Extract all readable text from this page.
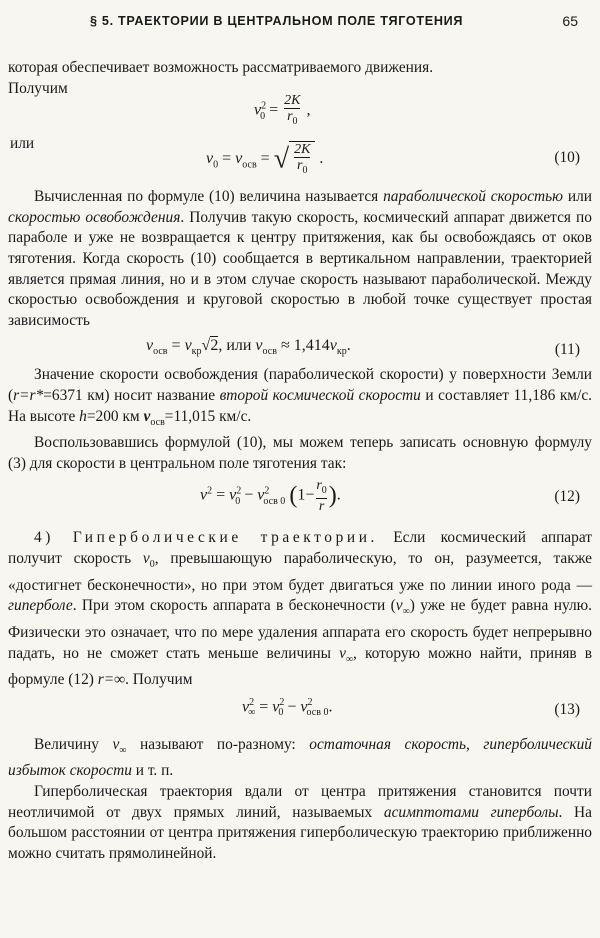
§ 5. ТРАЕКТОРИИ В ЦЕНТРАЛЬНОМ ПОЛЕ ТЯГОТЕНИЯ	65

которая обеспечивает возможность рассматриваемого движения.
Получим

$v^2_0 = \frac{2K}{r_0}$ ,
или
$v_0 = v_{осв}$ = √ $\frac{2K}{r_0}$ .	(10)

Вычисленная по формуле (10) величина называется параболической скоростью или скоростью освобождения. Получив такую скорость, космический аппарат движется по параболе и уже не возвращается к центру притяжения, как бы освобождаясь от оков тяготения. Когда скорость (10) сообщается в вертикальном направлении, траекторией является прямая линия, но и в этом случае скорость называют параболической. Между скоростью освобождения и круговой скоростью в любой точке существует простая зависимость

$v_{осв} = v_{кр}√2$, или $v_{осв} \approx 1,414v_{кр}$.	(11)

Значение скорости освобождения (параболической скорости) у поверхности Земли (r=r*=6371 км) носит название второй космической скорости и составляет 11,186 км/с. На высоте h=200 км $v_{осв}=11,015$ км/с.

Воспользовавшись формулой (10), мы можем теперь записать основную формулу (3) для скорости в центральном поле тяготения так:

$v^2 = v^2_0 - v^2_{осв 0}$ ($1- \frac{r_0}{r}$ ).	(12)

4) Гиперболические траектории. Если космический аппарат получит скорость $v_0$, превышающую параболическую, то он, разумеется, также «достигнет бесконечности», но при этом будет двигаться уже по линии иного рода — гиперболе. При этом скорость аппарата в бесконечности $(v_\infty)$ уже не будет равна нулю. Физически это означает, что по мере удаления аппарата его скорость будет непрерывно падать, но не сможет стать меньше величины $v_\infty$, которую можно найти, приняв в формуле (12) r=∞. Получим

$v^2_\infty = v^2_0 - v^2_{осв 0}$.	(13)

Величину $v_\infty$ называют по-разному: остаточная скорость, гиперболический избыток скорости и т. п.

Гиперболическая траектория вдали от центра притяжения становится почти неотличимой от двух прямых линий, называемых асимптотами гиперболы. На большом расстоянии от центра притяжения гиперболическую траекторию приближенно можно считать прямолинейной.
